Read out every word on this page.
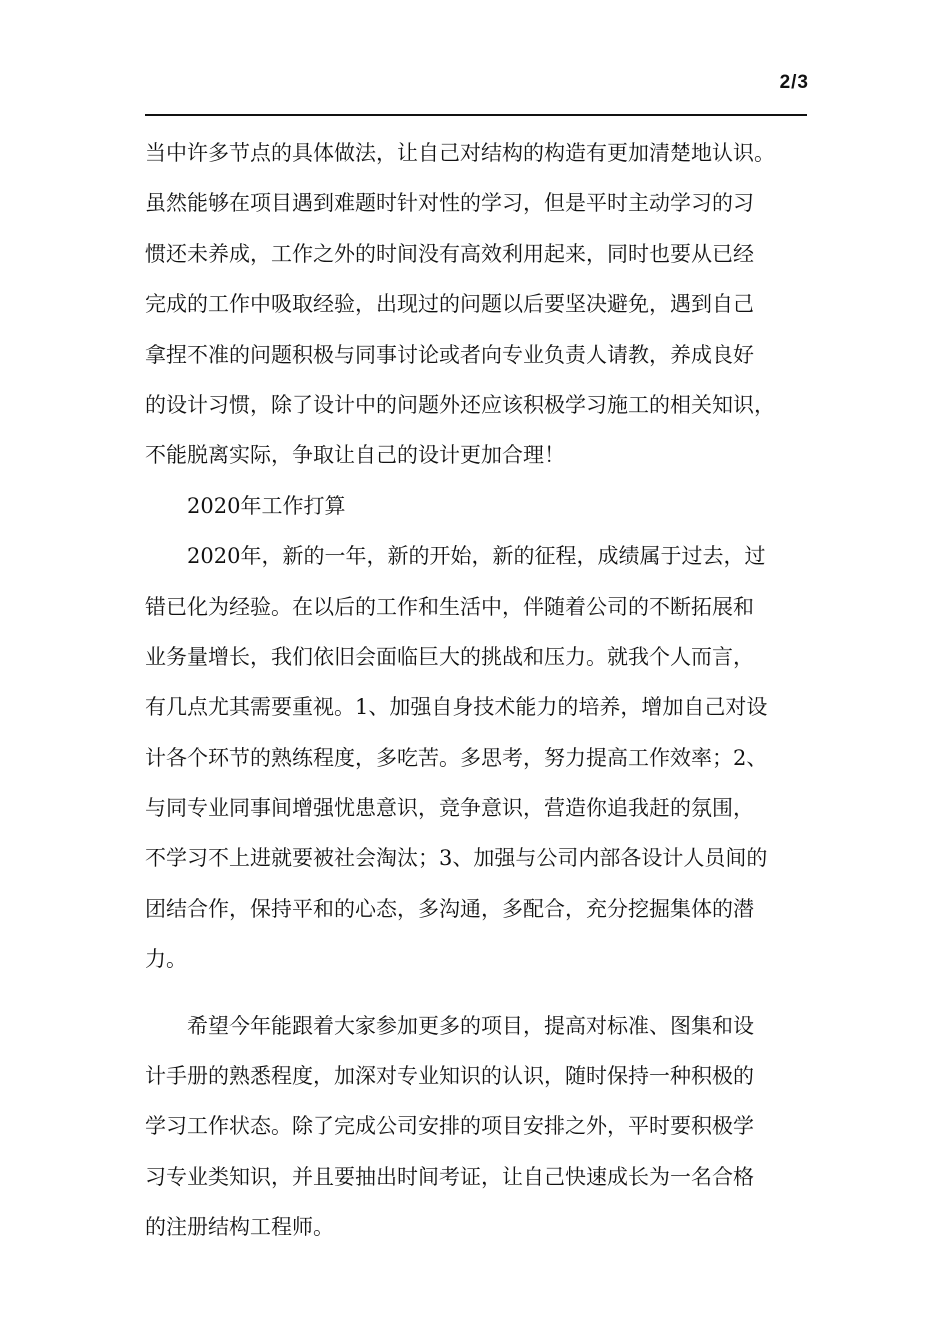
2/3
当中许多节点的具体做法，让自己对结构的构造有更加清楚地认识。
虽然能够在项目遇到难题时针对性的学习，但是平时主动学习的习
惯还未养成，工作之外的时间没有高效利用起来，同时也要从已经
完成的工作中吸取经验，出现过的问题以后要坚决避免，遇到自己
拿捏不准的问题积极与同事讨论或者向专业负责人请教，养成良好
的设计习惯，除了设计中的问题外还应该积极学习施工的相关知识，
不能脱离实际，争取让自己的设计更加合理！
2020年工作打算
2020年，新的一年，新的开始，新的征程，成绩属于过去，过
错已化为经验。在以后的工作和生活中，伴随着公司的不断拓展和
业务量增长，我们依旧会面临巨大的挑战和压力。就我个人而言，
有几点尤其需要重视。1、加强自身技术能力的培养，增加自己对设
计各个环节的熟练程度，多吃苦。多思考，努力提高工作效率；2、
与同专业同事间增强忧患意识，竞争意识，营造你追我赶的氛围，
不学习不上进就要被社会淘汰；3、加强与公司内部各设计人员间的
团结合作，保持平和的心态，多沟通，多配合，充分挖掘集体的潜
力。
希望今年能跟着大家参加更多的项目，提高对标准、图集和设
计手册的熟悉程度，加深对专业知识的认识，随时保持一种积极的
学习工作状态。除了完成公司安排的项目安排之外，平时要积极学
习专业类知识，并且要抽出时间考证，让自己快速成长为一名合格
的注册结构工程师。
